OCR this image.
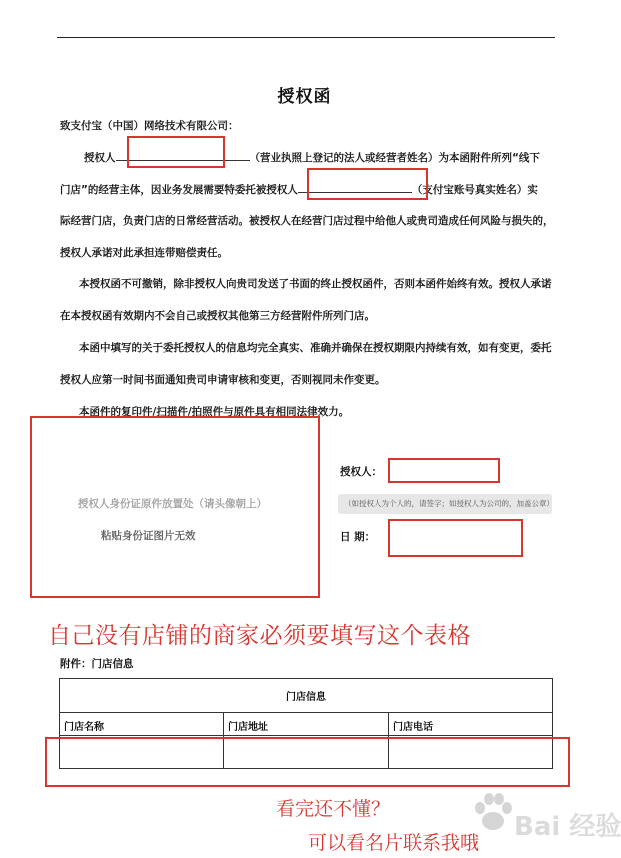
授权函
致支付宝（中国）网络技术有限公司：
授权人	（营业执照上登记的法人或经营者姓名）为本函附件所列“线下
门店”的经营主体，因业务发展需要特委托被授权人	（支付宝账号真实姓名）实
际经营门店，负责门店的日常经营活动。被授权人在经营门店过程中给他人或贵司造成任何风险与损失的，
授权人承诺对此承担连带赔偿责任。
本授权函不可撤销，除非授权人向贵司发送了书面的终止授权函件，否则本函件始终有效。授权人承诺
在本授权函有效期内不会自己或授权其他第三方经营附件所列门店。
本函中填写的关于委托授权人的信息均完全真实、准确并确保在授权期限内持续有效，如有变更，委托
授权人应第一时间书面通知贵司申请审核和变更，否则视同未作变更。
本函件的复印件/扫描件/拍照件与原件具有相同法律效力。
授权人身份证原件放置处（请头像朝上）
粘贴身份证图片无效
授权人：
（如授权人为个人的，请签字；如授权人为公司的，加盖公章）
日 期：
自己没有店铺的商家必须要填写这个表格
附件：门店信息
门店信息		
门店名称	门店地址	门店电话

Bai 经验
看完还不懂？
可以看名片联系我哦
